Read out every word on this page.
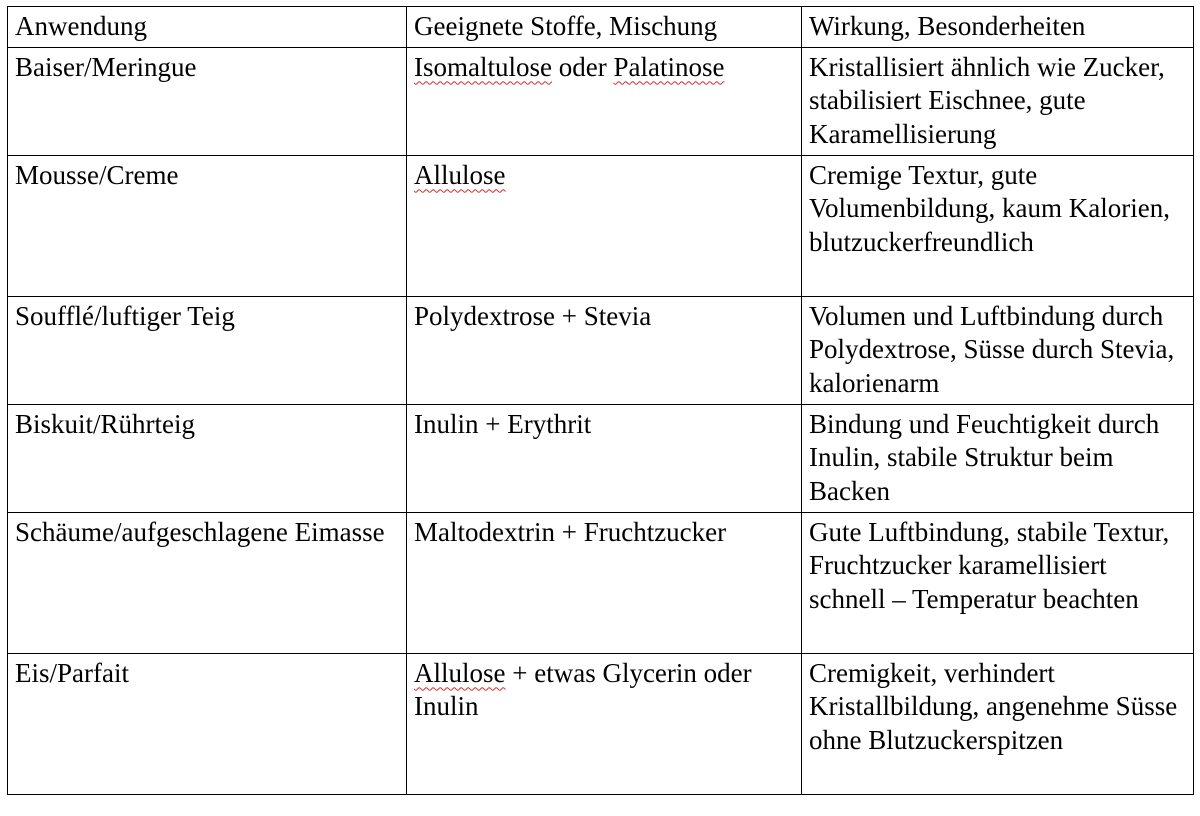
Anwendung	Geeignete Stoffe, Mischung	Wirkung, Besonderheiten
Baiser/Meringue	Isomaltulose oder Palatinose	Kristallisiert ähnlich wie Zucker, stabilisiert Eischnee, gute Karamellisierung
Mousse/Creme	Allulose	Cremige Textur, gute Volumenbildung, kaum Kalorien, blutzuckerfreundlich
Soufflé/luftiger Teig	Polydextrose + Stevia	Volumen und Luftbindung durch Polydextrose, Süsse durch Stevia, kalorienarm
Biskuit/Rührteig	Inulin + Erythrit	Bindung und Feuchtigkeit durch Inulin, stabile Struktur beim Backen
Schäume/aufgeschlagene Eimasse	Maltodextrin + Fruchtzucker	Gute Luftbindung, stabile Textur, Fruchtzucker karamellisiert schnell – Temperatur beachten
Eis/Parfait	Allulose + etwas Glycerin oder Inulin	Cremigkeit, verhindert Kristallbildung, angenehme Süsse ohne Blutzuckerspitzen
